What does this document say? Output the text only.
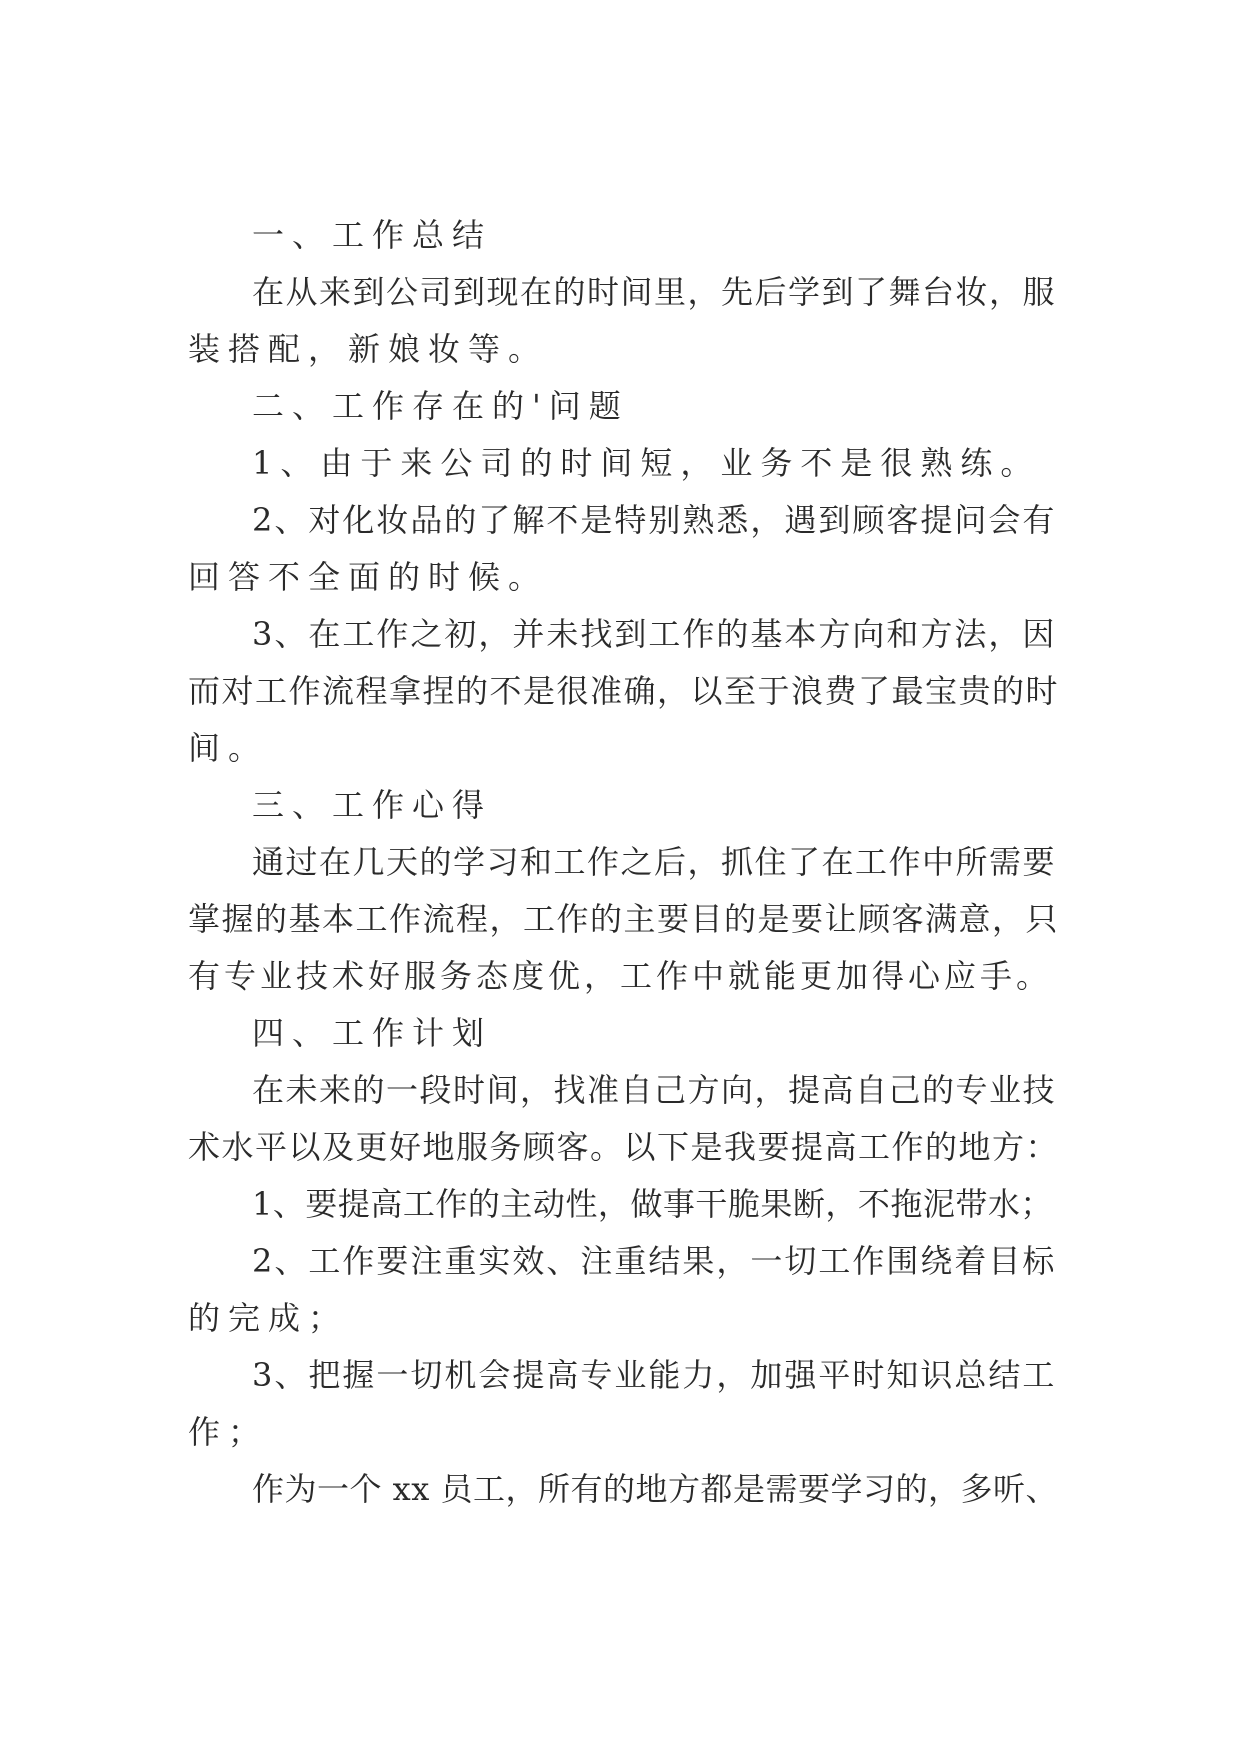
一、工作总结
在从来到公司到现在的时间里，先后学到了舞台妆，服
装搭配，新娘妆等。
二、工作存在的'问题
1、由于来公司的时间短，业务不是很熟练。
2、对化妆品的了解不是特别熟悉，遇到顾客提问会有
回答不全面的时候。
3、在工作之初，并未找到工作的基本方向和方法，因
而对工作流程拿捏的不是很准确，以至于浪费了最宝贵的时
间。
三、工作心得
通过在几天的学习和工作之后，抓住了在工作中所需要
掌握的基本工作流程，工作的主要目的是要让顾客满意，只
有专业技术好服务态度优，工作中就能更加得心应手。
四、工作计划
在未来的一段时间，找准自己方向，提高自己的专业技
术水平以及更好地服务顾客。以下是我要提高工作的地方：
1、要提高工作的主动性，做事干脆果断，不拖泥带水；
2、工作要注重实效、注重结果，一切工作围绕着目标
的完成；
3、把握一切机会提高专业能力，加强平时知识总结工
作；
作为一个 xx 员工，所有的地方都是需要学习的，多听、
